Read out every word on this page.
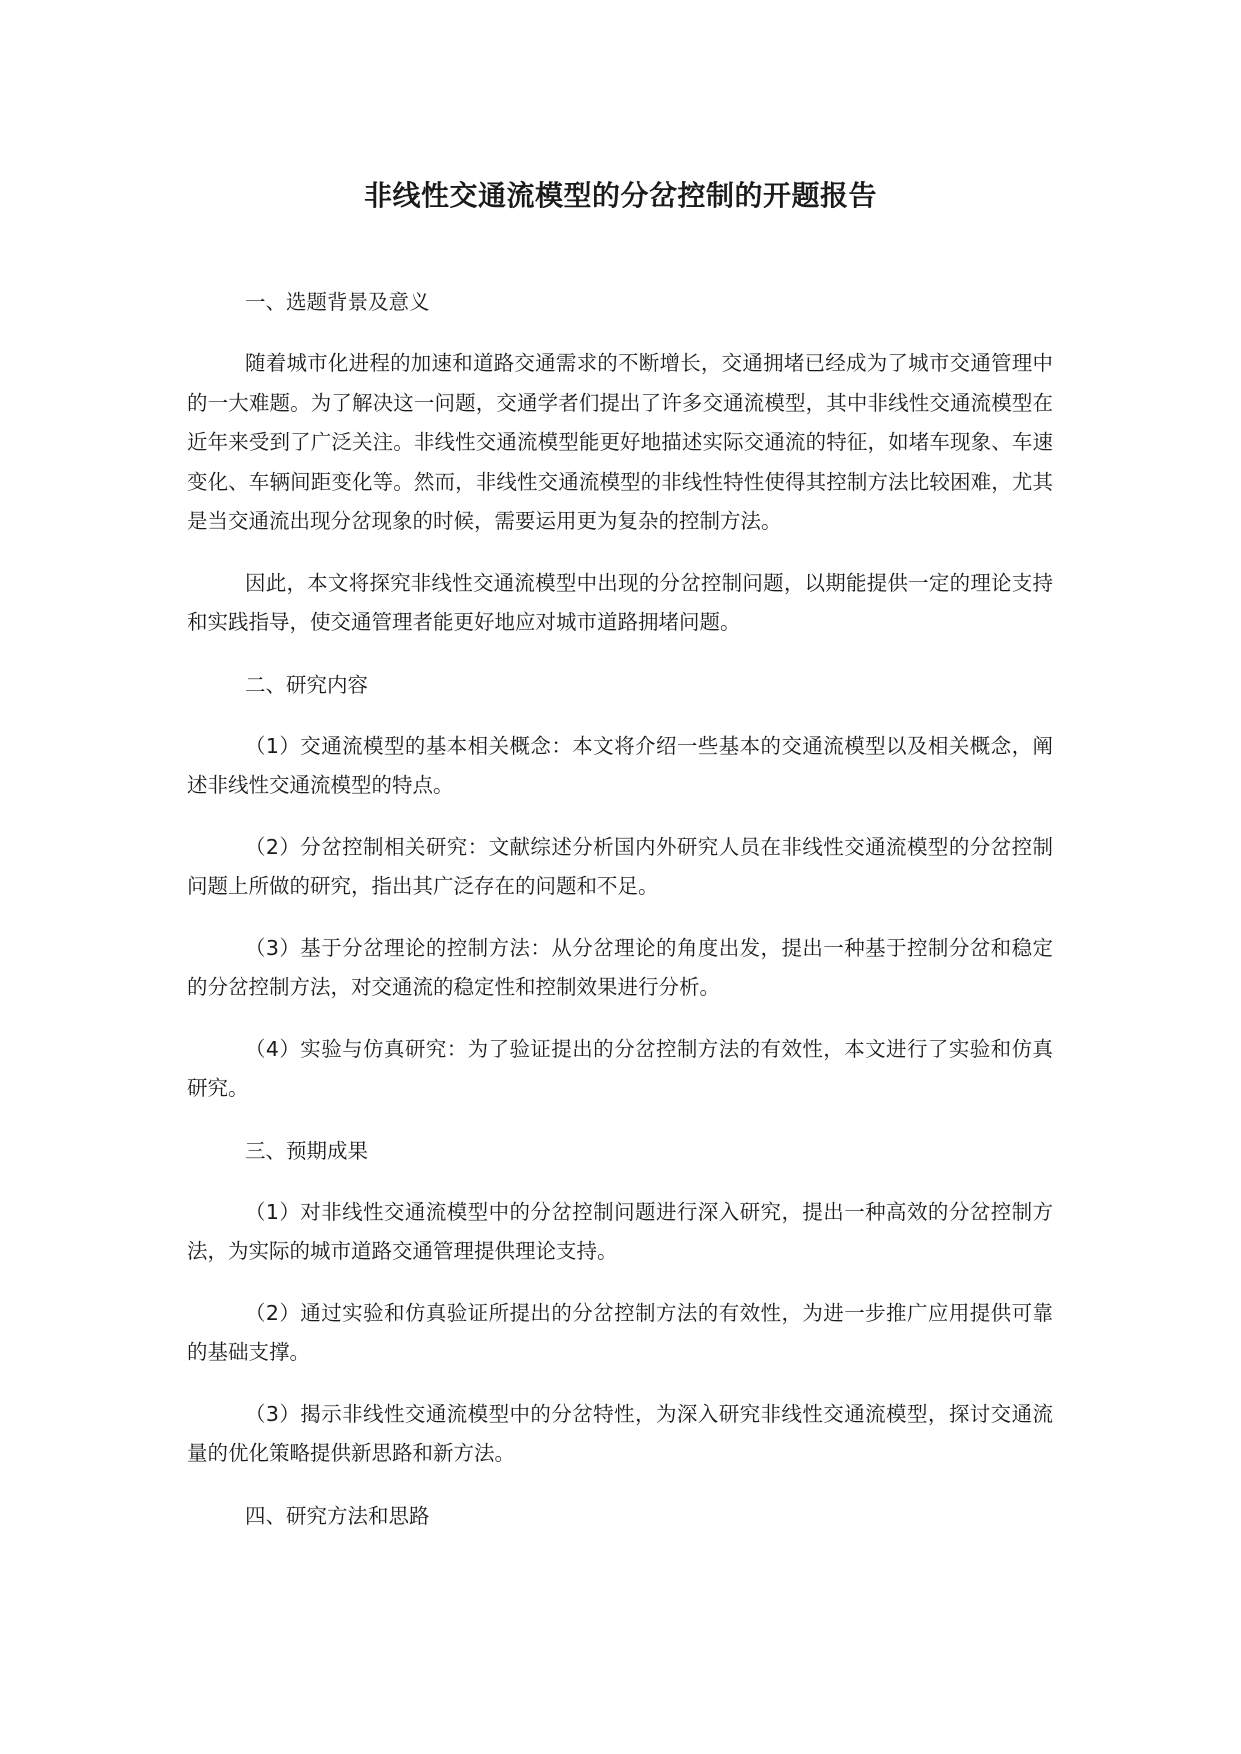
非线性交通流模型的分岔控制的开题报告

一、选题背景及意义

随着城市化进程的加速和道路交通需求的不断增长，交通拥堵已经成为了城市交通管理中的一大难题。为了解决这一问题，交通学者们提出了许多交通流模型，其中非线性交通流模型在近年来受到了广泛关注。非线性交通流模型能更好地描述实际交通流的特征，如堵车现象、车速变化、车辆间距变化等。然而，非线性交通流模型的非线性特性使得其控制方法比较困难，尤其是当交通流出现分岔现象的时候，需要运用更为复杂的控制方法。

因此，本文将探究非线性交通流模型中出现的分岔控制问题，以期能提供一定的理论支持和实践指导，使交通管理者能更好地应对城市道路拥堵问题。

二、研究内容

（1）交通流模型的基本相关概念：本文将介绍一些基本的交通流模型以及相关概念，阐述非线性交通流模型的特点。

（2）分岔控制相关研究：文献综述分析国内外研究人员在非线性交通流模型的分岔控制问题上所做的研究，指出其广泛存在的问题和不足。

（3）基于分岔理论的控制方法：从分岔理论的角度出发，提出一种基于控制分岔和稳定的分岔控制方法，对交通流的稳定性和控制效果进行分析。

（4）实验与仿真研究：为了验证提出的分岔控制方法的有效性，本文进行了实验和仿真研究。

三、预期成果

（1）对非线性交通流模型中的分岔控制问题进行深入研究，提出一种高效的分岔控制方法，为实际的城市道路交通管理提供理论支持。

（2）通过实验和仿真验证所提出的分岔控制方法的有效性，为进一步推广应用提供可靠的基础支撑。

（3）揭示非线性交通流模型中的分岔特性，为深入研究非线性交通流模型，探讨交通流量的优化策略提供新思路和新方法。

四、研究方法和思路
